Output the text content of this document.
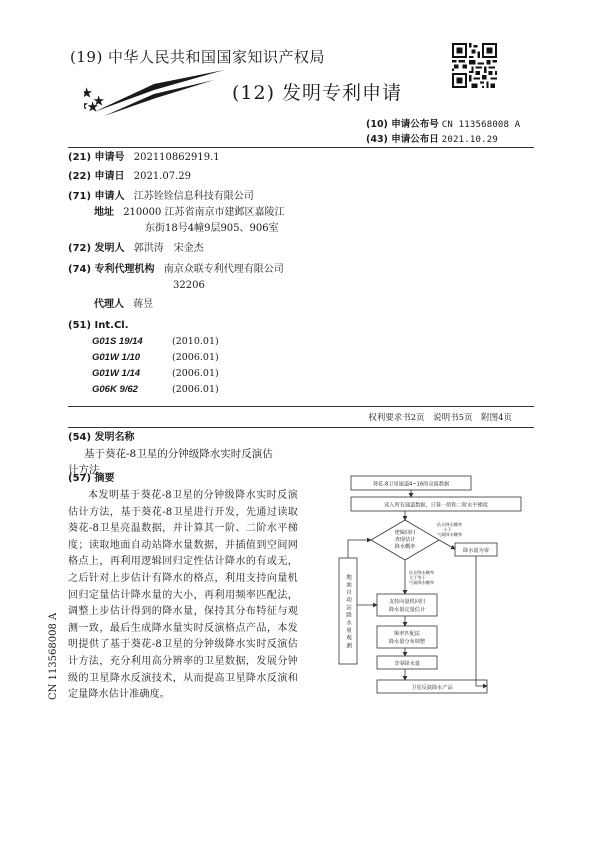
(19) 中华人民共和国国家知识产权局
(12) 发明专利申请
(10) 申请公布号 CN 113568008 A
(43) 申请公布日 2021.10.29
(21) 申请号 202110862919.1
(22) 申请日 2021.07.29
(71) 申请人 江苏铨铨信息科技有限公司
地址 210000 江苏省南京市建邺区嘉陵江
东街18号4幢9层905、906室
(72) 发明人 郭洪涛　宋金杰
(74) 专利代理机构 南京众联专利代理有限公司
32206
代理人 蒋昱
(51) Int.Cl.
G01S 19/14	(2010.01)
G01W 1/10	(2006.01)
G01W 1/14	(2006.01)
G06K 9/62	(2006.01)
权利要求书2页　说明书5页　附图4页
(54) 发明名称
基于葵花-8卫星的分钟级降水实时反演估
计方法
(57) 摘要
本发明基于葵花-8卫星的分钟级降水实时反演估计方法，基于葵花-8卫星进行开发，先通过读取葵花-8卫星亮温数据，并计算其一阶、二阶水平梯度；读取地面自动站降水量数据，并插值到空间网格点上，再利用逻辑回归定性估计降水的有或无，之后针对上步估计有降水的格点，利用支持向量机回归定量估计降水量的大小，再利用频率匹配法，调整上步估计得到的降水量，保持其分布特征与观测一致，最后生成降水量实时反演格点产品，本发明提供了基于葵花-8卫星的分钟级降水实时反演估计方法，充分利用高分辨率的卫星数据，发展分钟级的卫星降水反演技术，从而提高卫星降水反演和定量降水估计准确度。
CN 113568008 A
葵花-8卫星通道4~16的亮温数据
读入所有通道数据，计算一阶和二阶水平梯度
逻辑回归
查现估计
降水概率
估计降水概率
小于
气候降水概率
降水量为零
估计降水概率
大于等于
气候降水概率
支持向量机回归
降水量定量估计
频率匹配法
降水量分布调整
非零降水量
卫星反演降水产品
地面自动站降水量观测
